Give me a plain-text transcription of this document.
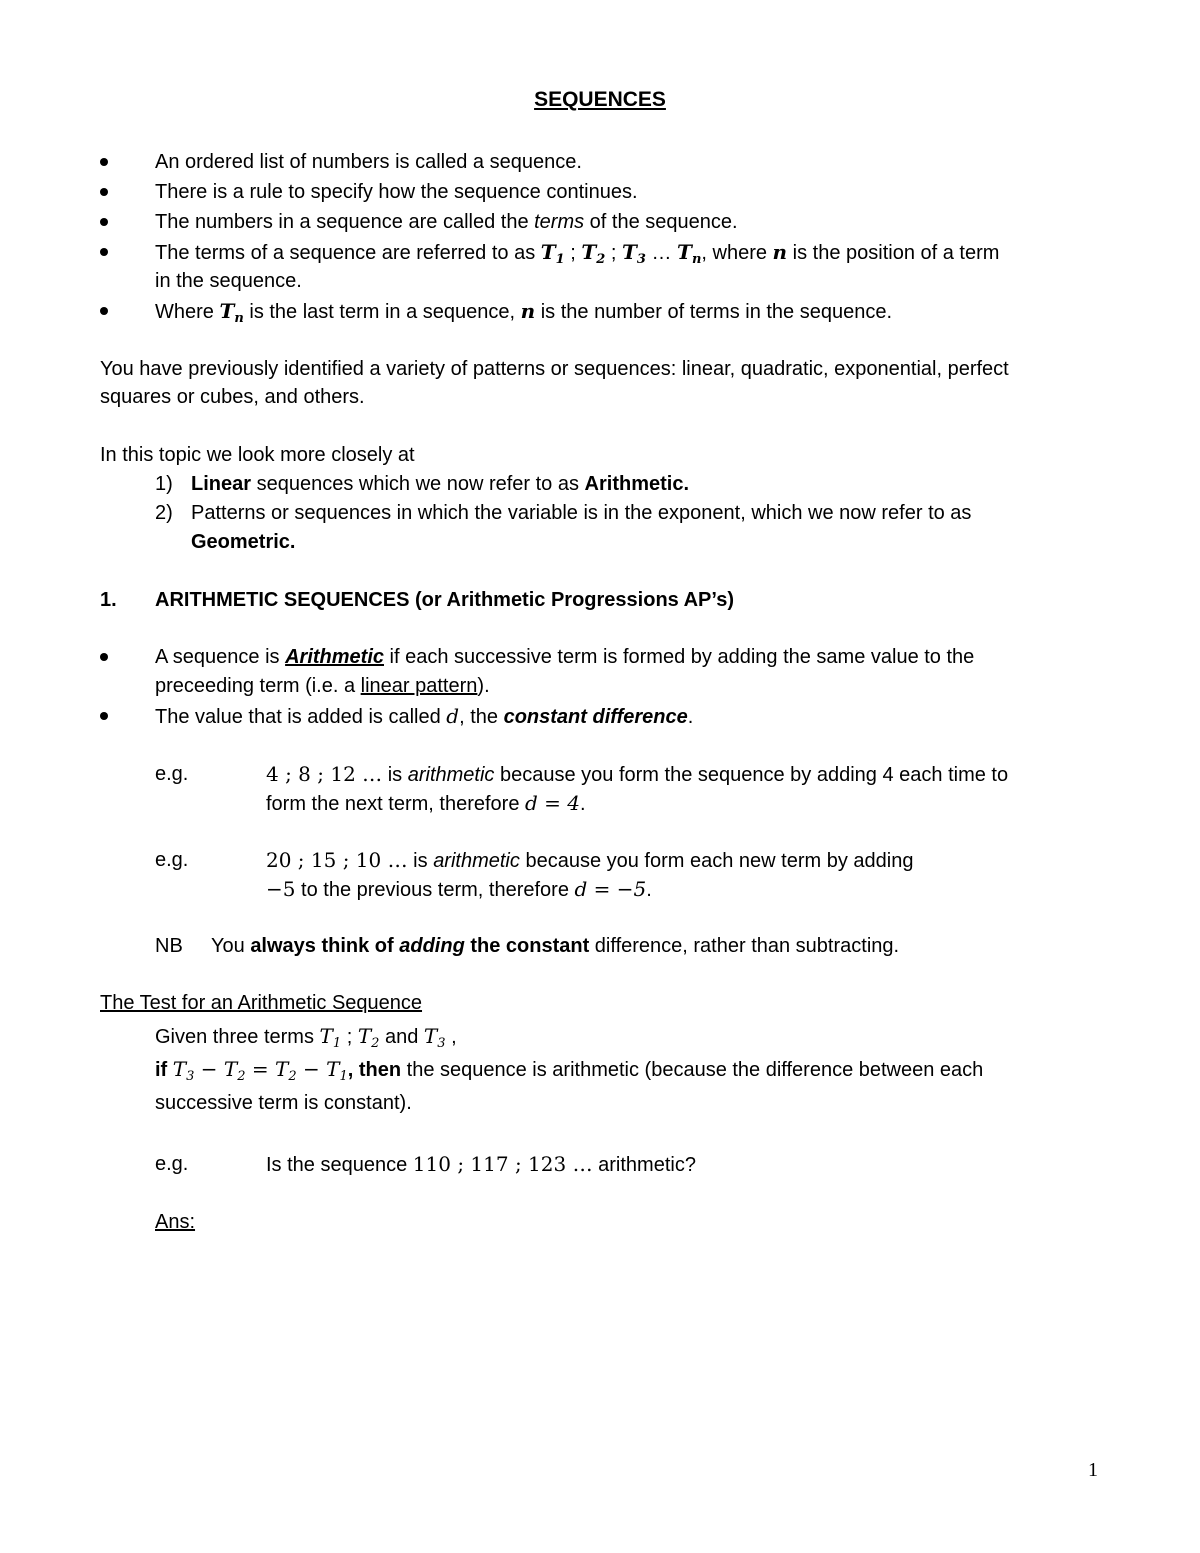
SEQUENCES
An ordered list of numbers is called a sequence.
There is a rule to specify how the sequence continues.
The numbers in a sequence are called the terms of the sequence.
The terms of a sequence are referred to as $T_1$ ; $T_2$ ; $T_3$ … $T_n$, where n is the position of a term
in the sequence.
Where $T_n$ is the last term in a sequence, n is the number of terms in the sequence.
You have previously identified a variety of patterns or sequences: linear, quadratic, exponential, perfect
squares or cubes, and others.
In this topic we look more closely at
1) Linear sequences which we now refer to as Arithmetic.
2) Patterns or sequences in which the variable is in the exponent, which we now refer to as
Geometric.
1. ARITHMETIC SEQUENCES (or Arithmetic Progressions AP’s)
A sequence is Arithmetic if each successive term is formed by adding the same value to the
preceeding term (i.e. a linear pattern).
The value that is added is called d, the constant difference.
e.g.	4 ; 8 ; 12 … is arithmetic because you form the sequence by adding 4 each time to
form the next term, therefore d = 4.
e.g.	20 ; 15 ; 10 … is arithmetic because you form each new term by adding
−5 to the previous term, therefore d = −5.
NB You always think of adding the constant difference, rather than subtracting.
The Test for an Arithmetic Sequence
Given three terms $T_1$ ; $T_2$ and $T_3$ ,
if $T_3 - T_2 = T_2 - T_1$, then the sequence is arithmetic (because the difference between each
successive term is constant).
e.g.	Is the sequence 110 ; 117 ; 123 … arithmetic?
Ans:
1
